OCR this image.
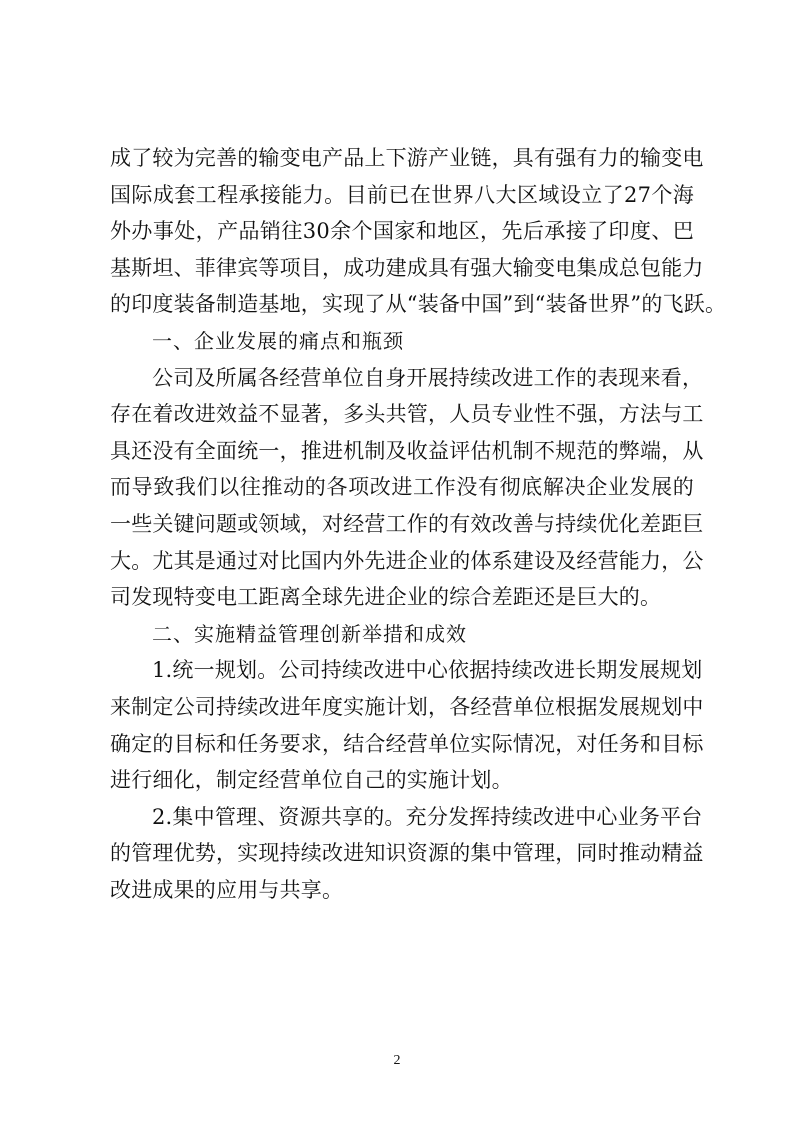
成了较为完善的输变电产品上下游产业链，具有强有力的输变电
国际成套工程承接能力。目前已在世界八大区域设立了27个海
外办事处，产品销往30余个国家和地区，先后承接了印度、巴
基斯坦、菲律宾等项目，成功建成具有强大输变电集成总包能力
的印度装备制造基地，实现了从“装备中国”到“装备世界”的飞跃。
一、企业发展的痛点和瓶颈
公司及所属各经营单位自身开展持续改进工作的表现来看，
存在着改进效益不显著，多头共管，人员专业性不强，方法与工
具还没有全面统一，推进机制及收益评估机制不规范的弊端，从
而导致我们以往推动的各项改进工作没有彻底解决企业发展的
一些关键问题或领域，对经营工作的有效改善与持续优化差距巨
大。尤其是通过对比国内外先进企业的体系建设及经营能力，公
司发现特变电工距离全球先进企业的综合差距还是巨大的。
二、实施精益管理创新举措和成效
1.统一规划。公司持续改进中心依据持续改进长期发展规划
来制定公司持续改进年度实施计划，各经营单位根据发展规划中
确定的目标和任务要求，结合经营单位实际情况，对任务和目标
进行细化，制定经营单位自己的实施计划。
2.集中管理、资源共享的。充分发挥持续改进中心业务平台
的管理优势，实现持续改进知识资源的集中管理，同时推动精益
改进成果的应用与共享。
2
